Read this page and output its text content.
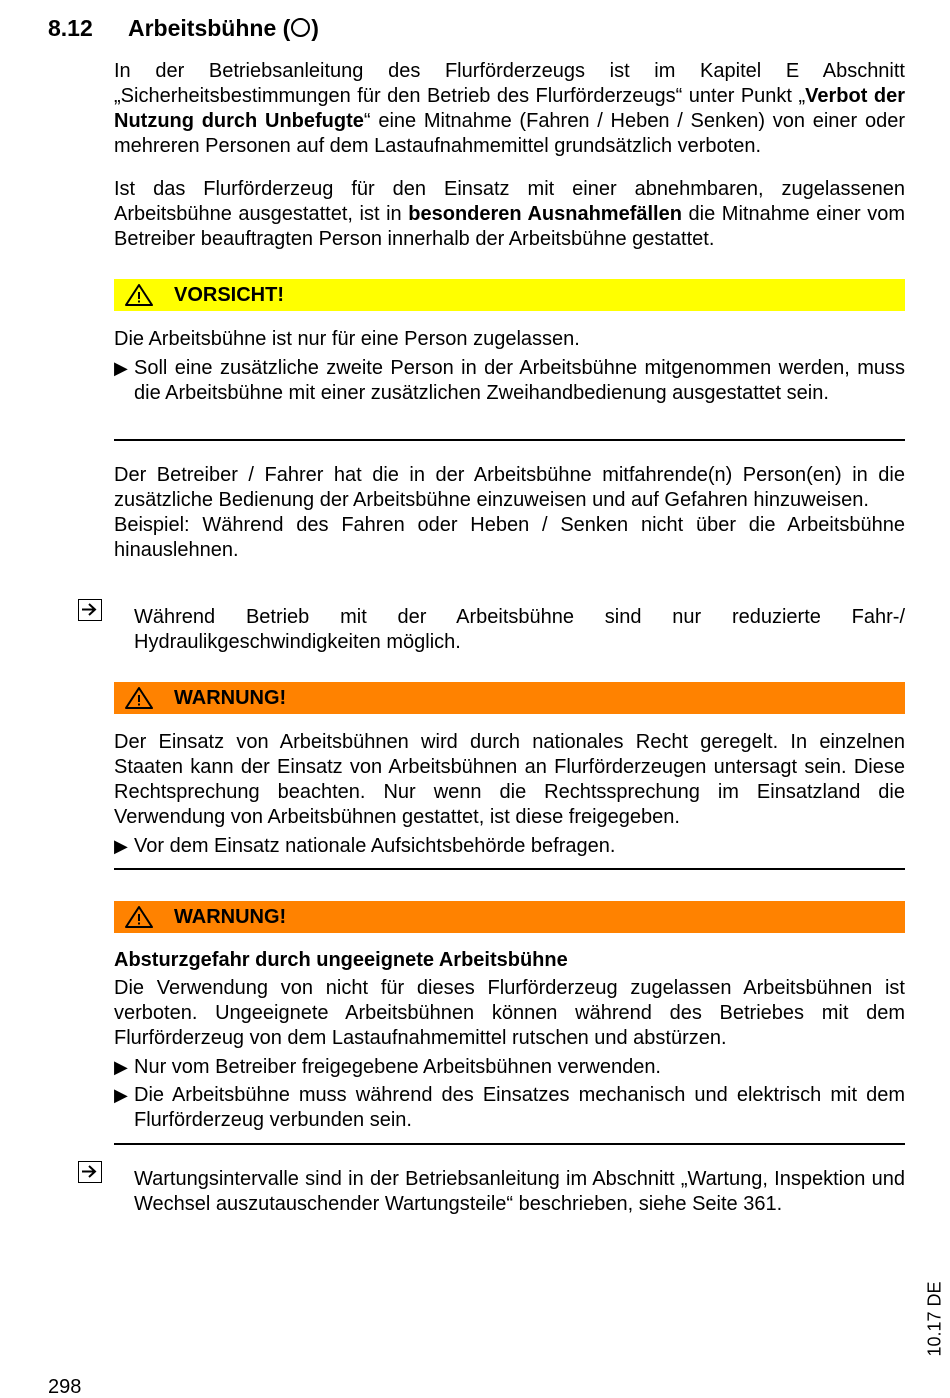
8.12 Arbeitsbühne ( )

In der Betriebsanleitung des Flurförderzeugs ist im Kapitel E Abschnitt „Sicherheitsbestimmungen für den Betrieb des Flurförderzeugs“ unter Punkt „Verbot der Nutzung durch Unbefugte“ eine Mitnahme (Fahren / Heben / Senken) von einer oder mehreren Personen auf dem Lastaufnahmemittel grundsätzlich verboten.

Ist das Flurförderzeug für den Einsatz mit einer abnehmbaren, zugelassenen Arbeitsbühne ausgestattet, ist in besonderen Ausnahmefällen die Mitnahme einer vom Betreiber beauftragten Person innerhalb der Arbeitsbühne gestattet.

VORSICHT!

Die Arbeitsbühne ist nur für eine Person zugelassen.

▶ Soll eine zusätzliche zweite Person in der Arbeitsbühne mitgenommen werden, muss die Arbeitsbühne mit einer zusätzlichen Zweihandbedienung ausgestattet sein.

Der Betreiber / Fahrer hat die in der Arbeitsbühne mitfahrende(n) Person(en) in die zusätzliche Bedienung der Arbeitsbühne einzuweisen und auf Gefahren hinzuweisen.

Beispiel: Während des Fahren oder Heben / Senken nicht über die Arbeitsbühne hinauslehnen.

Während Betrieb mit der Arbeitsbühne sind nur reduzierte Fahr-/ Hydraulikgeschwindigkeiten möglich.

WARNUNG!

Der Einsatz von Arbeitsbühnen wird durch nationales Recht geregelt. In einzelnen Staaten kann der Einsatz von Arbeitsbühnen an Flurförderzeugen untersagt sein. Diese Rechtsprechung beachten. Nur wenn die Rechtssprechung im Einsatzland die Verwendung von Arbeitsbühnen gestattet, ist diese freigegeben.

▶ Vor dem Einsatz nationale Aufsichtsbehörde befragen.

WARNUNG!

Absturzgefahr durch ungeeignete Arbeitsbühne

Die Verwendung von nicht für dieses Flurförderzeug zugelassen Arbeitsbühnen ist verboten. Ungeeignete Arbeitsbühnen können während des Betriebes mit dem Flurförderzeug von dem Lastaufnahmemittel rutschen und abstürzen.

▶ Nur vom Betreiber freigegebene Arbeitsbühnen verwenden.

▶ Die Arbeitsbühne muss während des Einsatzes mechanisch und elektrisch mit dem Flurförderzeug verbunden sein.

Wartungsintervalle sind in der Betriebsanleitung im Abschnitt „Wartung, Inspektion und Wechsel auszutauschender Wartungsteile“ beschrieben, siehe Seite 361.

10.17 DE
298
